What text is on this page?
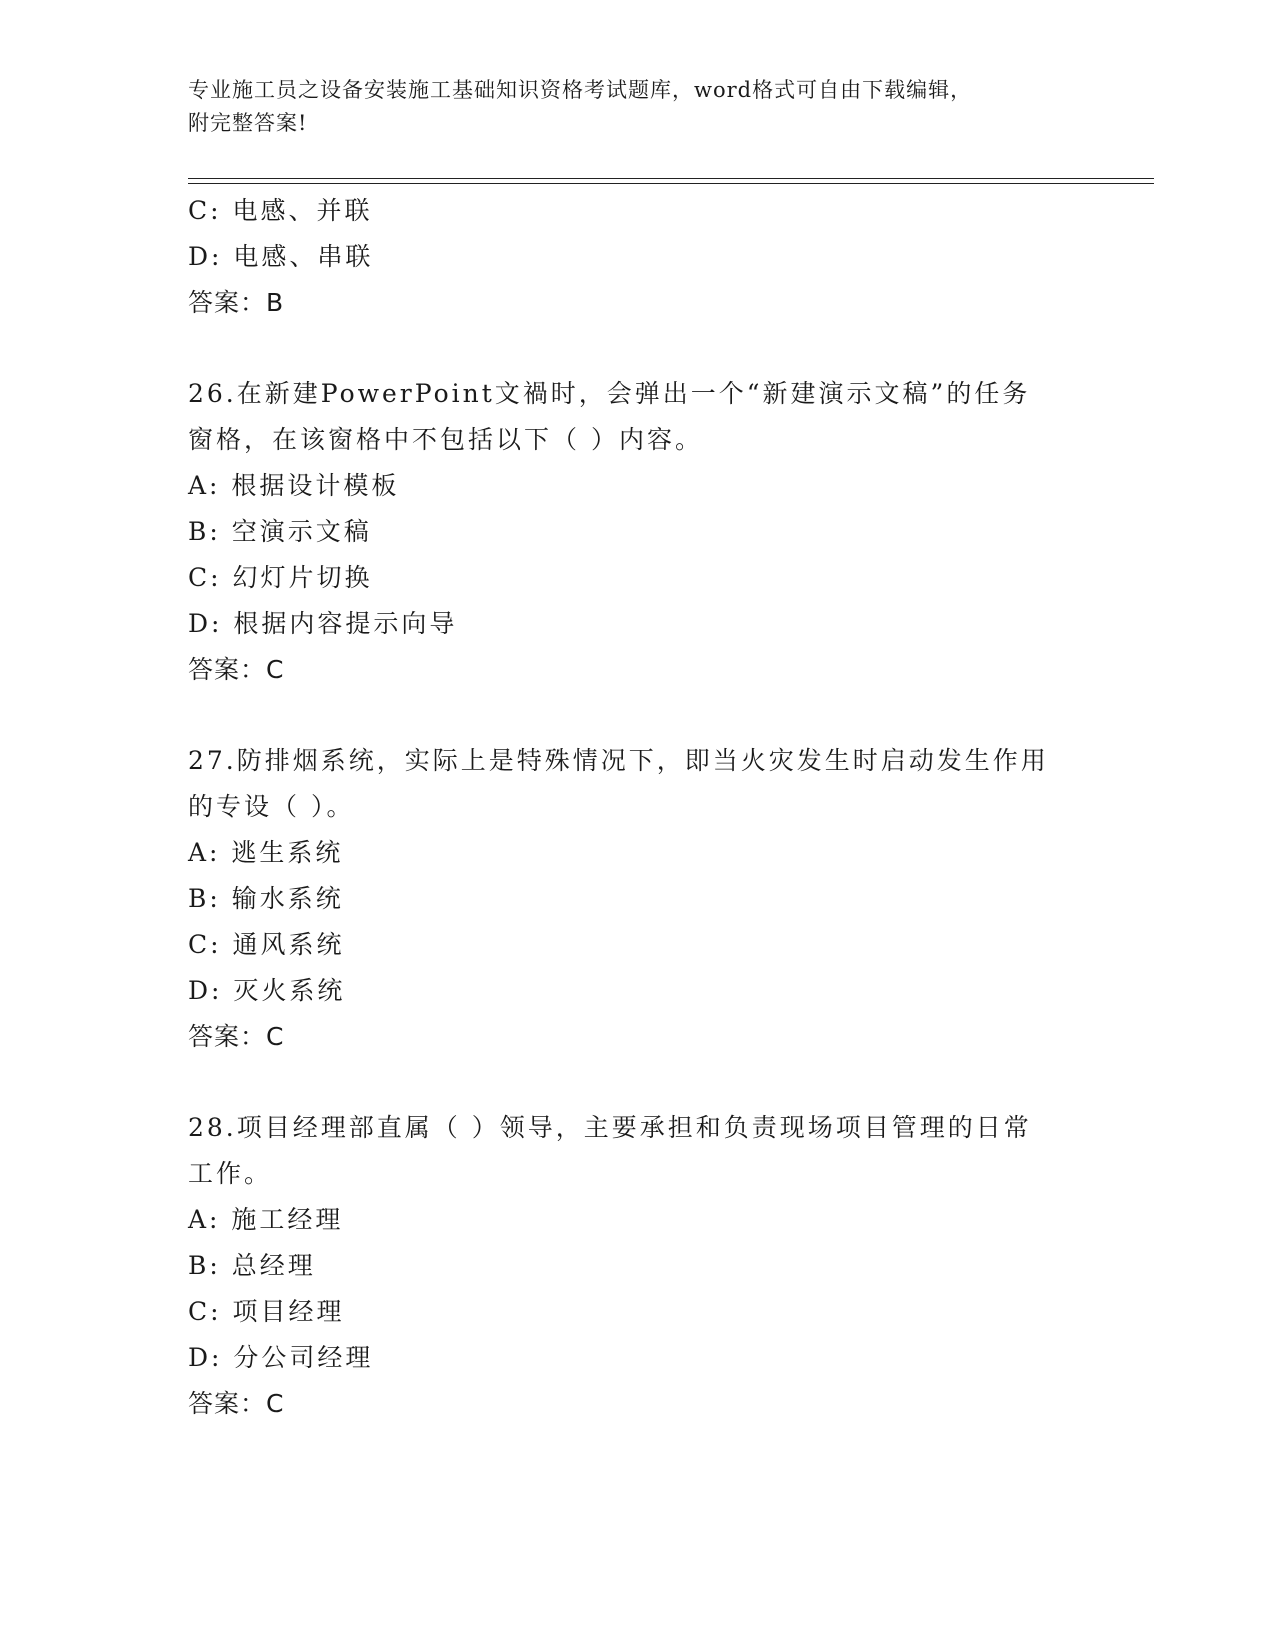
专业施工员之设备安装施工基础知识资格考试题库，word格式可自由下载编辑，
附完整答案!
C: 电感、并联
D: 电感、串联
答案：B
26.在新建PowerPoint文禍时，会弹出一个“新建演示文稿”的任务
窗格，在该窗格中不包括以下（ ）内容。
A: 根据设计模板
B: 空演示文稿
C: 幻灯片切换
D: 根据内容提示向导
答案：C
27.防排烟系统，实际上是特殊情况下，即当火灾发生时启动发生作用
的专设（ ）。
A: 逃生系统
B: 输水系统
C: 通风系统
D: 灭火系统
答案：C
28.项目经理部直属（ ）领导，主要承担和负责现场项目管理的日常
工作。
A: 施工经理
B: 总经理
C: 项目经理
D: 分公司经理
答案：C
